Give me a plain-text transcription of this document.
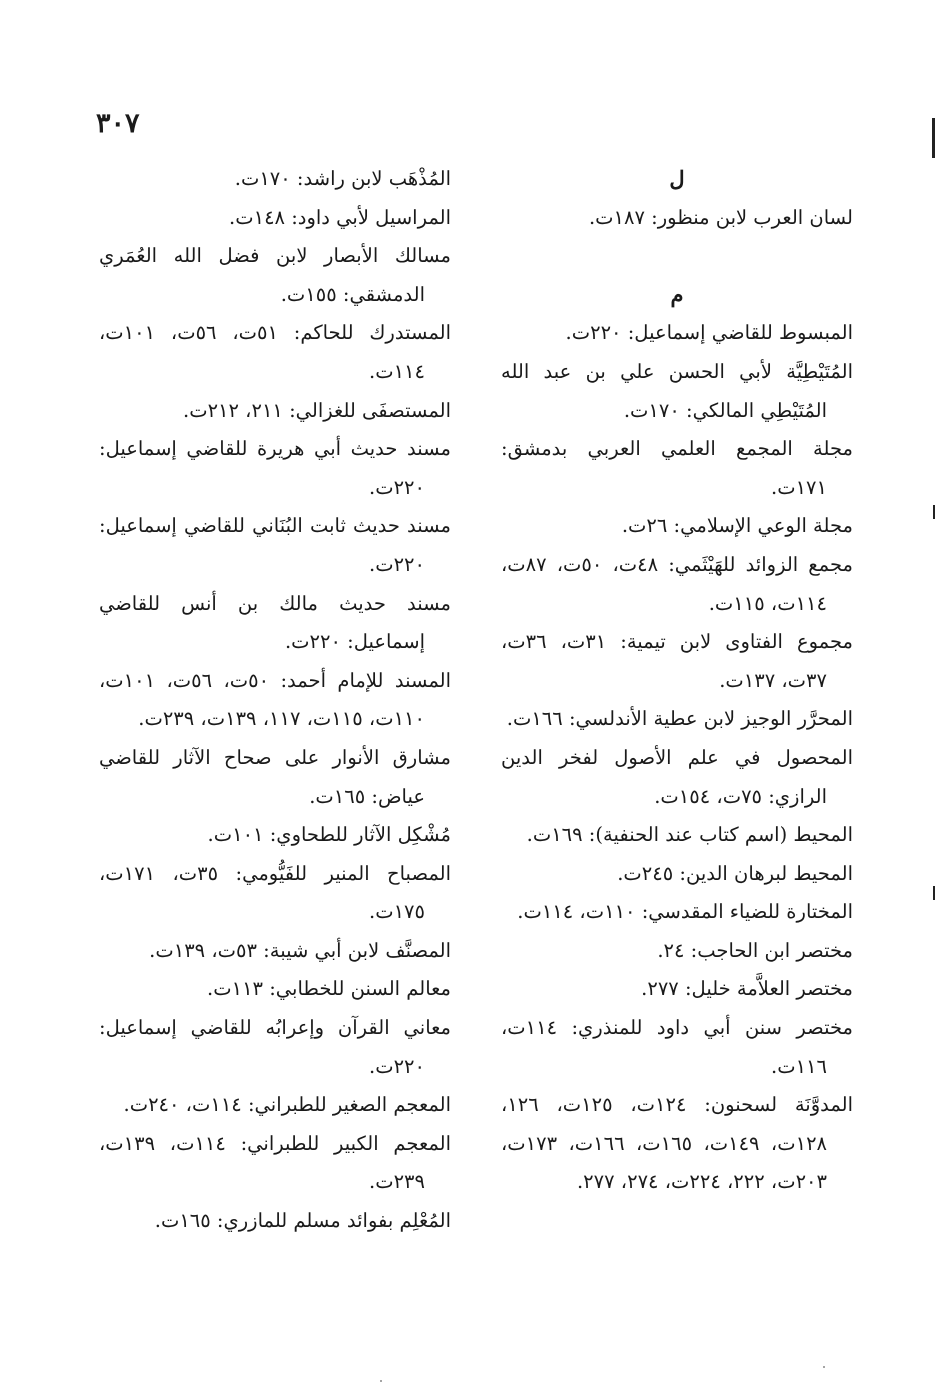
٣٠٧

ل

لسان العرب لابن منظور: ١٨٧ت.

م

المبسوط للقاضي إسماعيل: ٢٢٠ت.

المُتَيْطِيَّة لأبي الحسن علي بن عبد الله المُتَيْطِي المالكي: ١٧٠ت.

مجلة المجمع العلمي العربي بدمشق: ١٧١ت.

مجلة الوعي الإسلامي: ٢٦ت.

مجمع الزوائد للهَيْثَمي: ٤٨ت، ٥٠ت، ٨٧ت، ١١٤ت، ١١٥ت.

مجموع الفتاوى لابن تيمية: ٣١ت، ٣٦ت، ٣٧ت، ١٣٧ت.

المحرَّر الوجيز لابن عطية الأندلسي: ١٦٦ت.

المحصول في علم الأصول لفخر الدين الرازي: ٧٥ت، ١٥٤ت.

المحيط (اسم كتاب عند الحنفية): ١٦٩ت.

المحيط لبرهان الدين: ٢٤٥ت.

المختارة للضياء المقدسي: ١١٠ت، ١١٤ت.

مختصر ابن الحاجب: ٢٤.

مختصر العلاَّمة خليل: ٢٧٧.

مختصر سنن أبي داود للمنذري: ١١٤ت، ١١٦ت.

المدوَّنَة لسحنون: ١٢٤ت، ١٢٥ت، ١٢٦، ١٢٨ت، ١٤٩ت، ١٦٥ت، ١٦٦ت، ١٧٣ت، ٢٠٣ت، ٢٢٢، ٢٢٤ت، ٢٧٤، ٢٧٧.

المُذْهَب لابن راشد: ١٧٠ت.

المراسيل لأبي داود: ١٤٨ت.

مسالك الأبصار لابن فضل الله العُمَري الدمشقي: ١٥٥ت.

المستدرك للحاكم: ٥١ت، ٥٦ت، ١٠١ت، ١١٤ت.

المستصفَى للغزالي: ٢١١، ٢١٢ت.

مسند حديث أبي هريرة للقاضي إسماعيل: ٢٢٠ت.

مسند حديث ثابت البُنَاني للقاضي إسماعيل: ٢٢٠ت.

مسند حديث مالك بن أنس للقاضي إسماعيل: ٢٢٠ت.

المسند للإمام أحمد: ٥٠ت، ٥٦ت، ١٠١ت، ١١٠ت، ١١٥ت، ١١٧، ١٣٩ت، ٢٣٩ت.

مشارق الأنوار على صحاح الآثار للقاضي عياض: ١٦٥ت.

مُشْكِل الآثار للطحاوي: ١٠١ت.

المصباح المنير للفَيُّومي: ٣٥ت، ١٧١ت، ١٧٥ت.

المصنَّف لابن أبي شيبة: ٥٣ت، ١٣٩ت.

معالم السنن للخطابي: ١١٣ت.

معاني القرآن وإعرابُه للقاضي إسماعيل: ٢٢٠ت.

المعجم الصغير للطبراني: ١١٤ت، ٢٤٠ت.

المعجم الكبير للطبراني: ١١٤ت، ١٣٩ت، ٢٣٩ت.

المُعْلِم بفوائد مسلم للمازري: ١٦٥ت.
